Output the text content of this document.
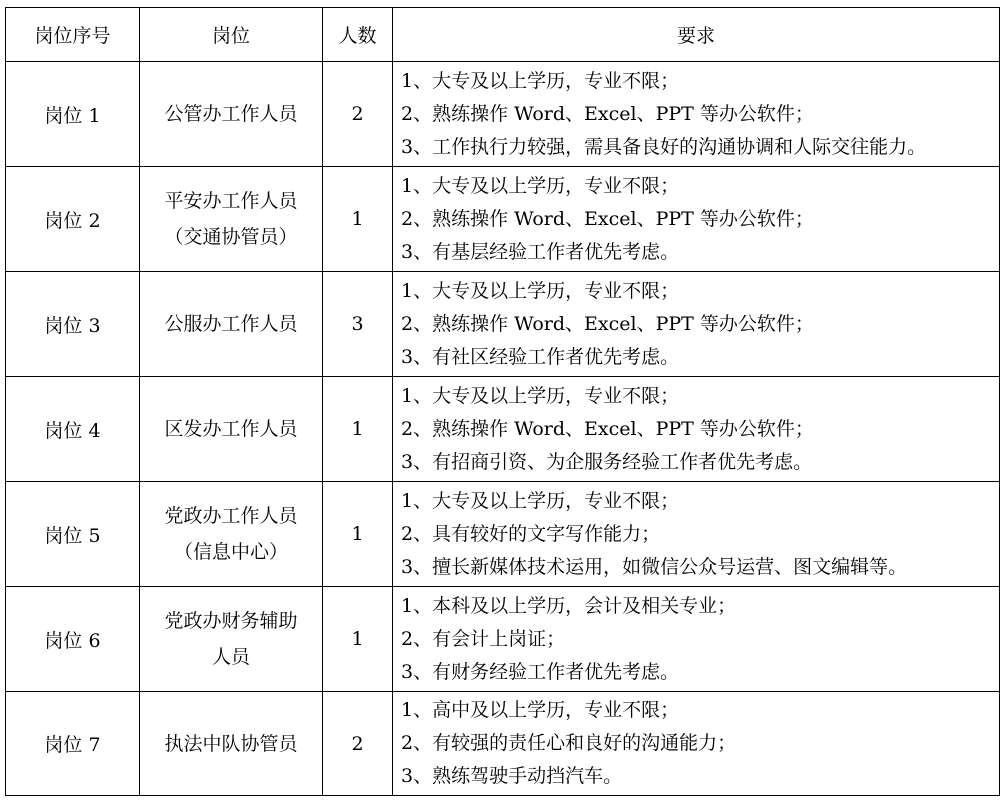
岗位序号	岗位	人数	要求
岗位 1	公管办工作人员	2	1、大专及以上学历，专业不限；
2、熟练操作 Word、Excel、PPT 等办公软件；
3、工作执行力较强，需具备良好的沟通协调和人际交往能力。

岗位 2	平安办工作人员
（交通协管员）	1	1、大专及以上学历，专业不限；
2、熟练操作 Word、Excel、PPT 等办公软件；
3、有基层经验工作者优先考虑。

岗位 3	公服办工作人员	3	1、大专及以上学历，专业不限；
2、熟练操作 Word、Excel、PPT 等办公软件；
3、有社区经验工作者优先考虑。

岗位 4	区发办工作人员	1	1、大专及以上学历，专业不限；
2、熟练操作 Word、Excel、PPT 等办公软件；
3、有招商引资、为企服务经验工作者优先考虑。

岗位 5	党政办工作人员
（信息中心）	1	1、大专及以上学历，专业不限；
2、具有较好的文字写作能力；
3、擅长新媒体技术运用，如微信公众号运营、图文编辑等。

岗位 6	党政办财务辅助
人员	1	1、本科及以上学历，会计及相关专业；
2、有会计上岗证；
3、有财务经验工作者优先考虑。

岗位 7	执法中队协管员	2	1、高中及以上学历，专业不限；
2、有较强的责任心和良好的沟通能力；
3、熟练驾驶手动挡汽车。
